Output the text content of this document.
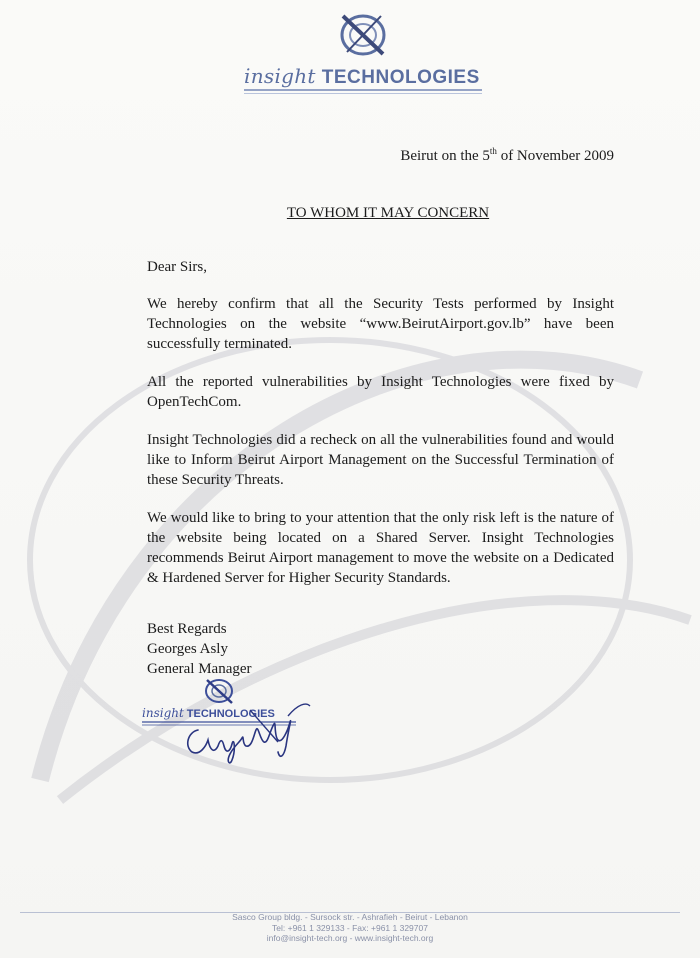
insight TECHNOLOGIES
Beirut on the 5th of November 2009
TO WHOM IT MAY CONCERN

Dear Sirs,

We hereby confirm that all the Security Tests performed by Insight Technologies on the website “www.BeirutAirport.gov.lb” have been successfully terminated.

All the reported vulnerabilities by Insight Technologies were fixed by OpenTechCom.

Insight Technologies did a recheck on all the vulnerabilities found and would like to Inform Beirut Airport Management on the Successful Termination of these Security Threats.

We would like to bring to your attention that the only risk left is the nature of the website being located on a Shared Server. Insight Technologies recommends Beirut Airport management to move the website on a Dedicated & Hardened Server for Higher Security Standards.

Best Regards
Georges Asly
General Manager
insight TECHNOLOGIES
Sasco Group bldg. - Sursock str. - Ashrafieh - Beirut - Lebanon
Tel: +961 1 329133 - Fax: +961 1 329707
info@insight-tech.org - www.insight-tech.org
